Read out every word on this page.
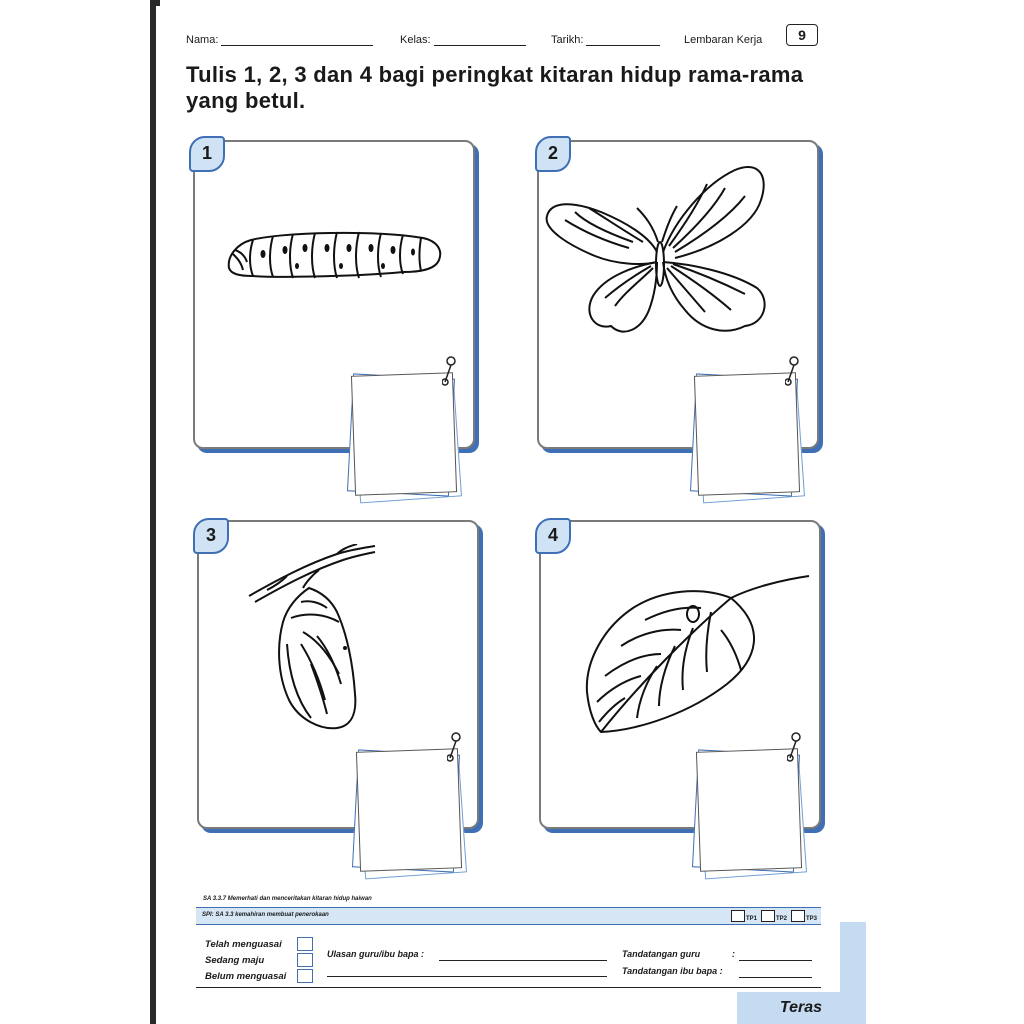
Nama:	Kelas:	Tarikh:	Lembaran Kerja	9
Tulis 1, 2, 3 dan 4 bagi peringkat kitaran hidup rama-rama
yang betul.
1	2
3	4
SA 3.3.7 Memerhati dan menceritakan kitaran hidup haiwan
SPI: SA 3.3 kemahiran membuat penerokaan
TP1	TP2	TP3
Telah menguasai
Sedang maju
Belum menguasai
Ulasan guru/ibu bapa :	Tandatangan guru	:
Tandatangan ibu bapa :
Teras
